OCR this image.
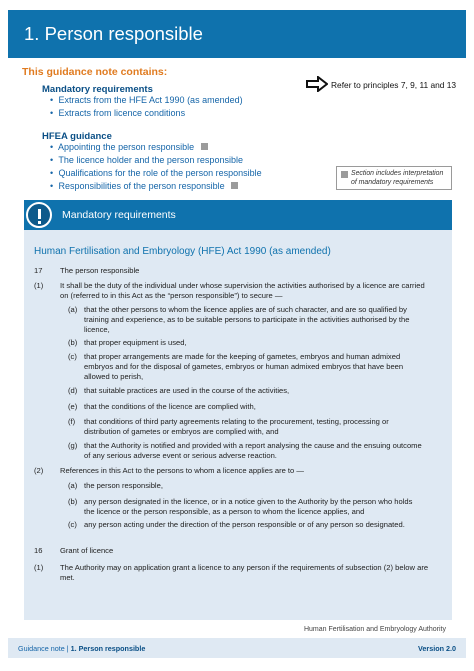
1. Person responsible
This guidance note contains:
Mandatory requirements
• Extracts from the HFE Act 1990 (as amended)
• Extracts from licence conditions
HFEA guidance
• Appointing the person responsible
• The licence holder and the person responsible
• Qualifications for the role of the person responsible
• Responsibilities of the person responsible
Refer to principles 7, 9, 11 and 13
Section includes interpretation
of mandatory requirements
Mandatory requirements
Human Fertilisation and Embryology (HFE) Act 1990 (as amended)
17 The person responsible
(1) It shall be the duty of the individual under whose supervision the activities authorised by a licence are carried on (referred to in this Act as the “person responsible”) to secure —
(a) that the other persons to whom the licence applies are of such character, and are so qualified by training and experience, as to be suitable persons to participate in the activities authorised by the licence,
(b) that proper equipment is used,
(c) that proper arrangements are made for the keeping of gametes, embryos and human admixed embryos and for the disposal of gametes, embryos or human admixed embryos that have been allowed to perish,
(d) that suitable practices are used in the course of the activities,
(e) that the conditions of the licence are complied with,
(f) that conditions of third party agreements relating to the procurement, testing, processing or distribution of gametes or embryos are complied with, and
(g) that the Authority is notified and provided with a report analysing the cause and the ensuing outcome of any serious adverse event or serious adverse reaction.
(2) References in this Act to the persons to whom a licence applies are to —
(a) the person responsible,
(b) any person designated in the licence, or in a notice given to the Authority by the person who holds the licence or the person responsible, as a person to whom the licence applies, and
(c) any person acting under the direction of the person responsible or of any person so designated.
16 Grant of licence
(1) The Authority may on application grant a licence to any person if the requirements of subsection (2) below are met.
Human Fertilisation and Embryology Authority
Guidance note | 1. Person responsible	Version 2.0
